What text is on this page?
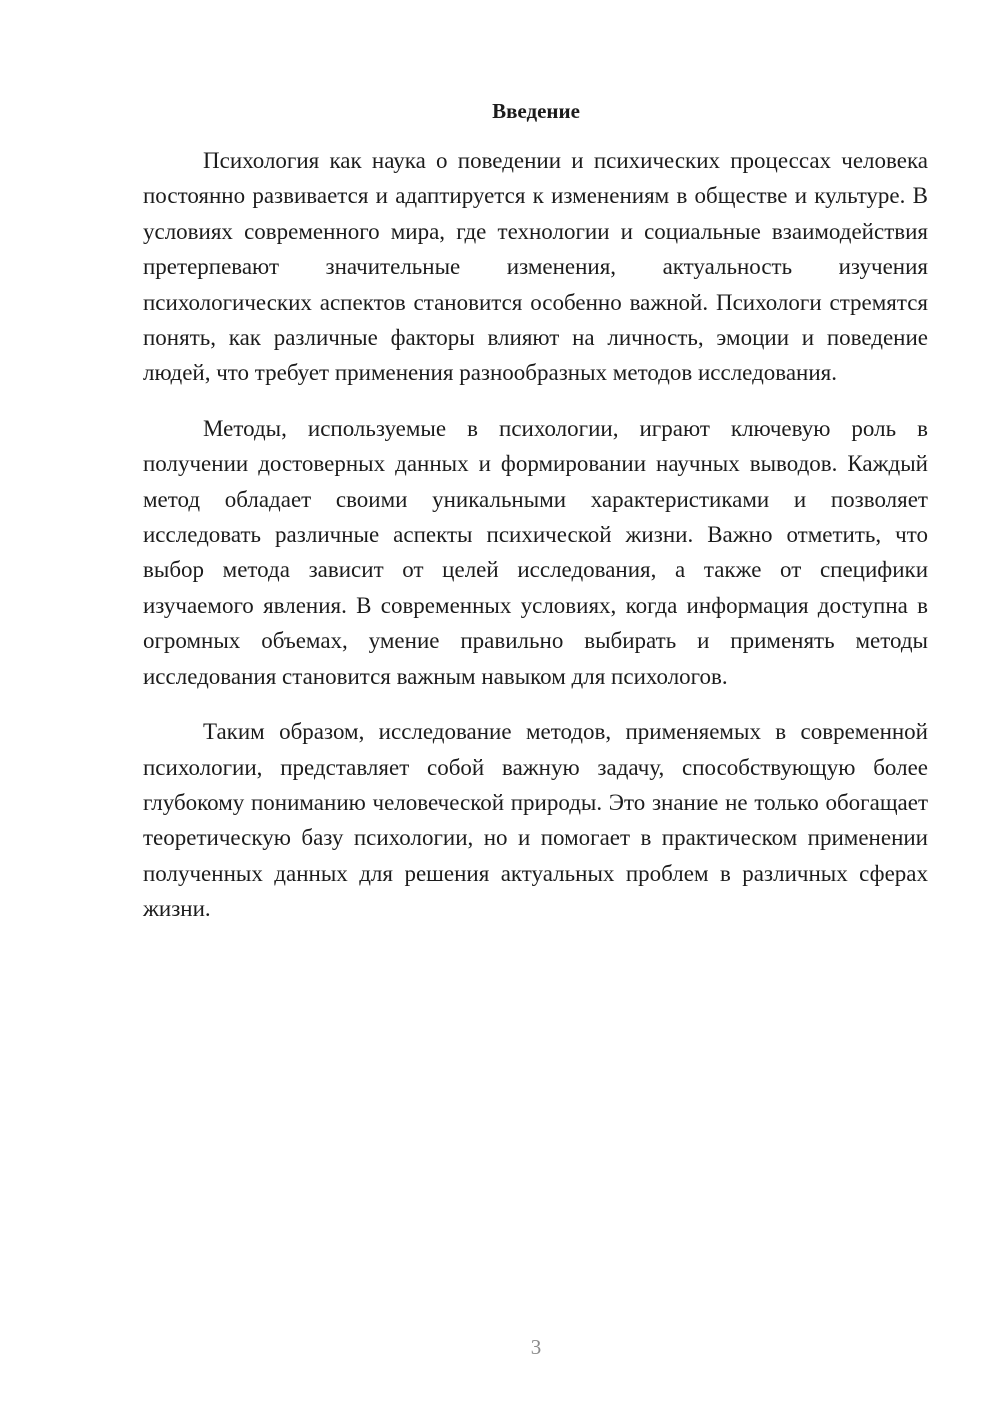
Введение

Психология как наука о поведении и психических процессах человека постоянно развивается и адаптируется к изменениям в обществе и культуре. В условиях современного мира, где технологии и социальные взаимодействия претерпевают значительные изменения, актуальность изучения психологических аспектов становится особенно важной. Психологи стремятся понять, как различные факторы влияют на личность, эмоции и поведение людей, что требует применения разнообразных методов исследования.

Методы, используемые в психологии, играют ключевую роль в получении достоверных данных и формировании научных выводов. Каждый метод обладает своими уникальными характеристиками и позволяет исследовать различные аспекты психической жизни. Важно отметить, что выбор метода зависит от целей исследования, а также от специфики изучаемого явления. В современных условиях, когда информация доступна в огромных объемах, умение правильно выбирать и применять методы исследования становится важным навыком для психологов.

Таким образом, исследование методов, применяемых в современной психологии, представляет собой важную задачу, способствующую более глубокому пониманию человеческой природы. Это знание не только обогащает теоретическую базу психологии, но и помогает в практическом применении полученных данных для решения актуальных проблем в различных сферах жизни.

3
